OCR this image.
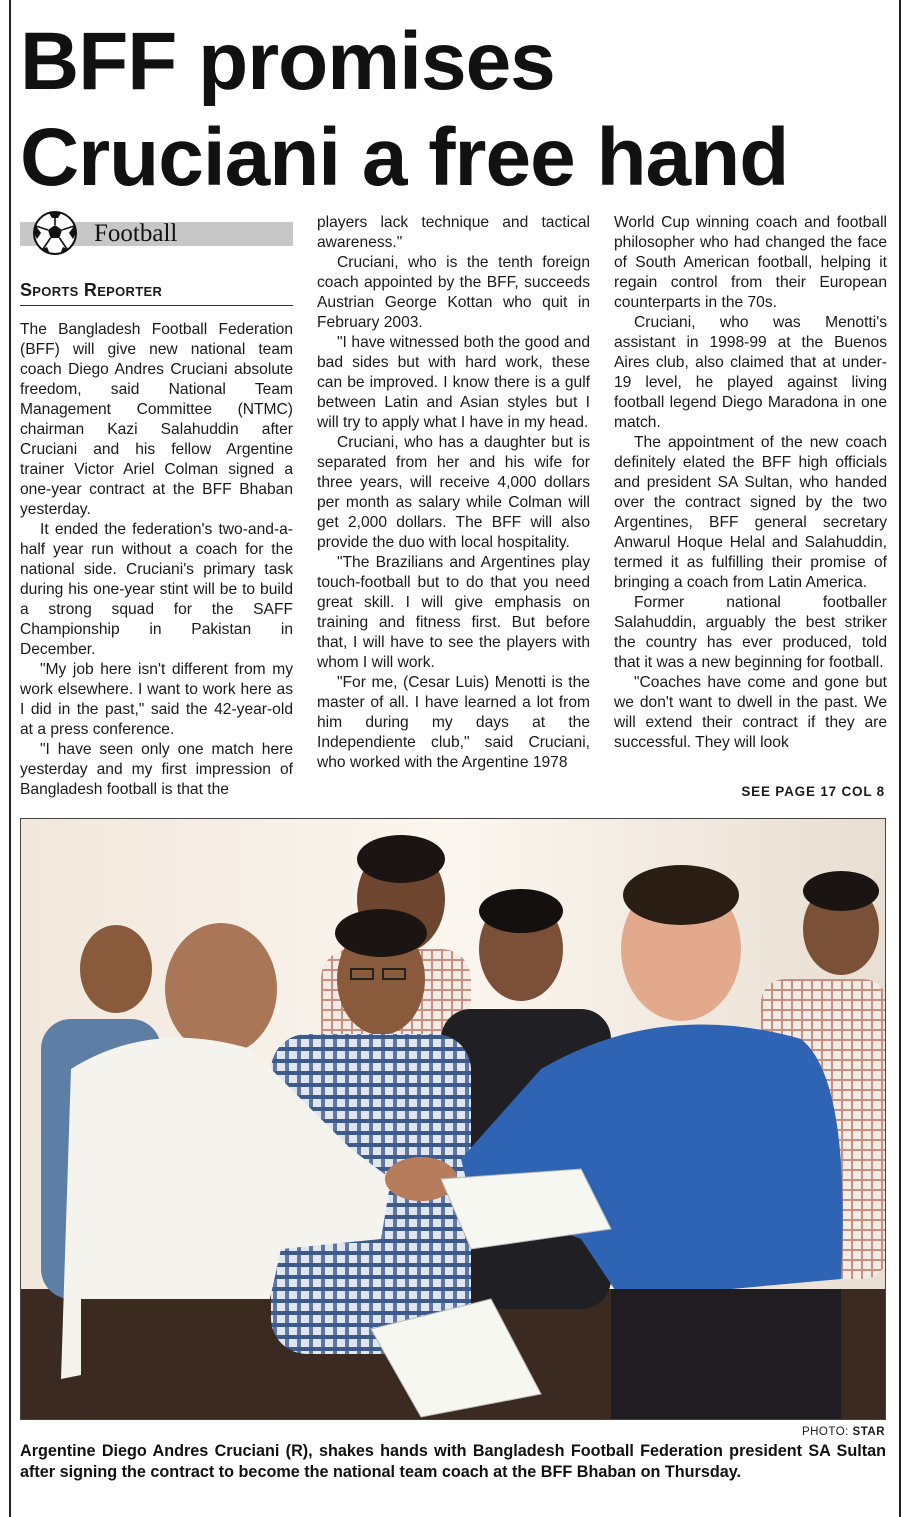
BFF promises Cruciani a free hand
Football
Sports Reporter

The Bangladesh Football Federation (BFF) will give new national team coach Diego Andres Cruciani absolute freedom, said National Team Management Committee (NTMC) chairman Kazi Salahuddin after Cruciani and his fellow Argentine trainer Victor Ariel Colman signed a one-year contract at the BFF Bhaban yesterday.

It ended the federation's two-and-a-half year run without a coach for the national side. Cruciani's primary task during his one-year stint will be to build a strong squad for the SAFF Championship in Pakistan in December.

"My job here isn't different from my work elsewhere. I want to work here as I did in the past," said the 42-year-old at a press conference.

"I have seen only one match here yesterday and my first impression of Bangladesh football is that the

players lack technique and tactical awareness."

Cruciani, who is the tenth foreign coach appointed by the BFF, succeeds Austrian George Kottan who quit in February 2003.

"I have witnessed both the good and bad sides but with hard work, these can be improved. I know there is a gulf between Latin and Asian styles but I will try to apply what I have in my head.

Cruciani, who has a daughter but is separated from her and his wife for three years, will receive 4,000 dollars per month as salary while Colman will get 2,000 dollars. The BFF will also provide the duo with local hospitality.

"The Brazilians and Argentines play touch-football but to do that you need great skill. I will give emphasis on training and fitness first. But before that, I will have to see the players with whom I will work.

"For me, (Cesar Luis) Menotti is the master of all. I have learned a lot from him during my days at the Independiente club," said Cruciani, who worked with the Argentine 1978

World Cup winning coach and football philosopher who had changed the face of South American football, helping it regain control from their European counterparts in the 70s.

Cruciani, who was Menotti's assistant in 1998-99 at the Buenos Aires club, also claimed that at under-19 level, he played against living football legend Diego Maradona in one match.

The appointment of the new coach definitely elated the BFF high officials and president SA Sultan, who handed over the contract signed by the two Argentines, BFF general secretary Anwarul Hoque Helal and Salahuddin, termed it as fulfilling their promise of bringing a coach from Latin America.

Former national footballer Salahuddin, arguably the best striker the country has ever produced, told that it was a new beginning for football.

"Coaches have come and gone but we don't want to dwell in the past. We will extend their contract if they are successful. They will look

SEE PAGE 17 COL 8
PHOTO: STAR

Argentine Diego Andres Cruciani (R), shakes hands with Bangladesh Football Federation president SA Sultan after signing the contract to become the national team coach at the BFF Bhaban on Thursday.
